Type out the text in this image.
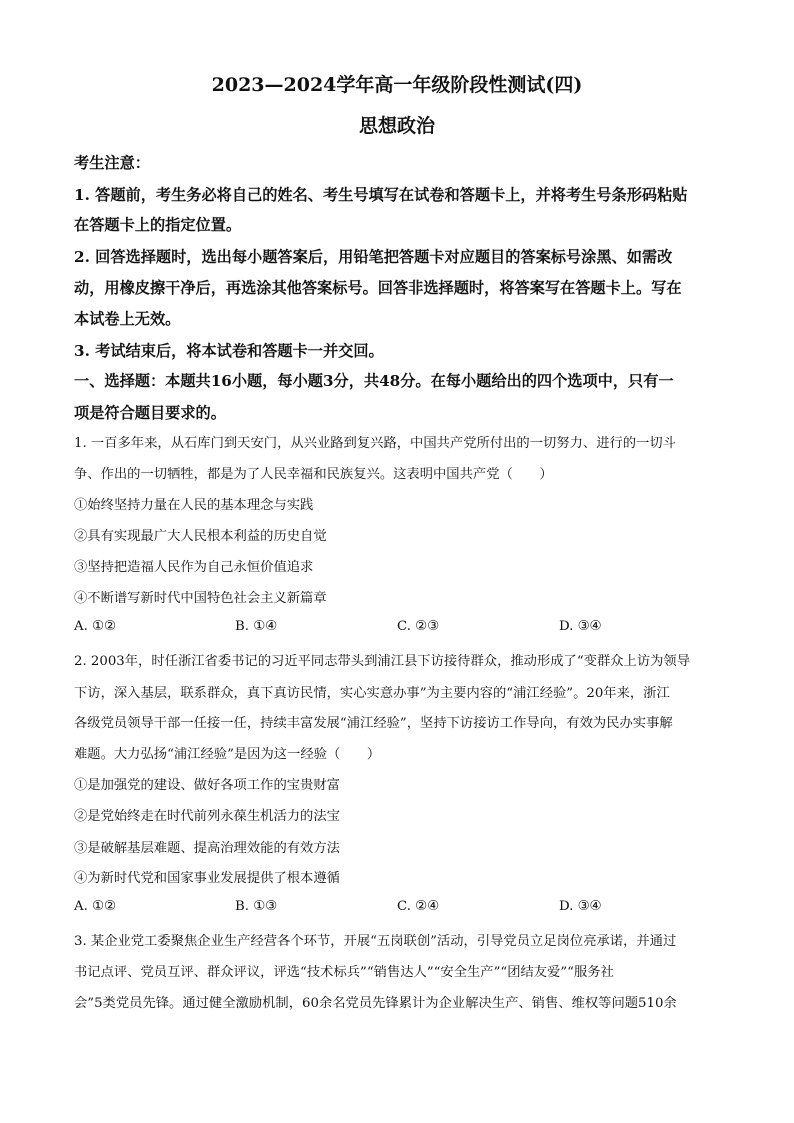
2023—2024学年高一年级阶段性测试(四)
思想政治
考生注意：
1. 答题前，考生务必将自己的姓名、考生号填写在试卷和答题卡上，并将考生号条形码粘贴
在答题卡上的指定位置。
2. 回答选择题时，选出每小题答案后，用铅笔把答题卡对应题目的答案标号涂黑、如需改
动，用橡皮擦干净后，再选涂其他答案标号。回答非选择题时，将答案写在答题卡上。写在
本试卷上无效。
3. 考试结束后，将本试卷和答题卡一并交回。
一、选择题：本题共16小题，每小题3分，共48分。在每小题给出的四个选项中，只有一
项是符合题目要求的。
1. 一百多年来，从石库门到天安门，从兴业路到复兴路，中国共产党所付出的一切努力、进行的一切斗
争、作出的一切牺牲，都是为了人民幸福和民族复兴。这表明中国共产党（　　）
①始终坚持力量在人民的基本理念与实践
②具有实现最广大人民根本利益的历史自觉
③坚持把造福人民作为自己永恒价值追求
④不断谱写新时代中国特色社会主义新篇章
A. ①②	B. ①④	C. ②③	D. ③④
2. 2003年，时任浙江省委书记的习近平同志带头到浦江县下访接待群众，推动形成了“变群众上访为领导
下访，深入基层，联系群众，真下真访民情，实心实意办事”为主要内容的“浦江经验”。20年来，浙江
各级党员领导干部一任接一任，持续丰富发展“浦江经验”，坚持下访接访工作导向，有效为民办实事解
难题。大力弘扬“浦江经验”是因为这一经验（　　）
①是加强党的建设、做好各项工作的宝贵财富
②是党始终走在时代前列永葆生机活力的法宝
③是破解基层难题、提高治理效能的有效方法
④为新时代党和国家事业发展提供了根本遵循
A. ①②	B. ①③	C. ②④	D. ③④
3. 某企业党工委聚焦企业生产经营各个环节，开展“五岗联创”活动，引导党员立足岗位亮承诺，并通过
书记点评、党员互评、群众评议，评选“技术标兵”“销售达人”“安全生产”“团结友爱”“服务社
会”5类党员先锋。通过健全激励机制，60余名党员先锋累计为企业解决生产、销售、维权等问题510余
